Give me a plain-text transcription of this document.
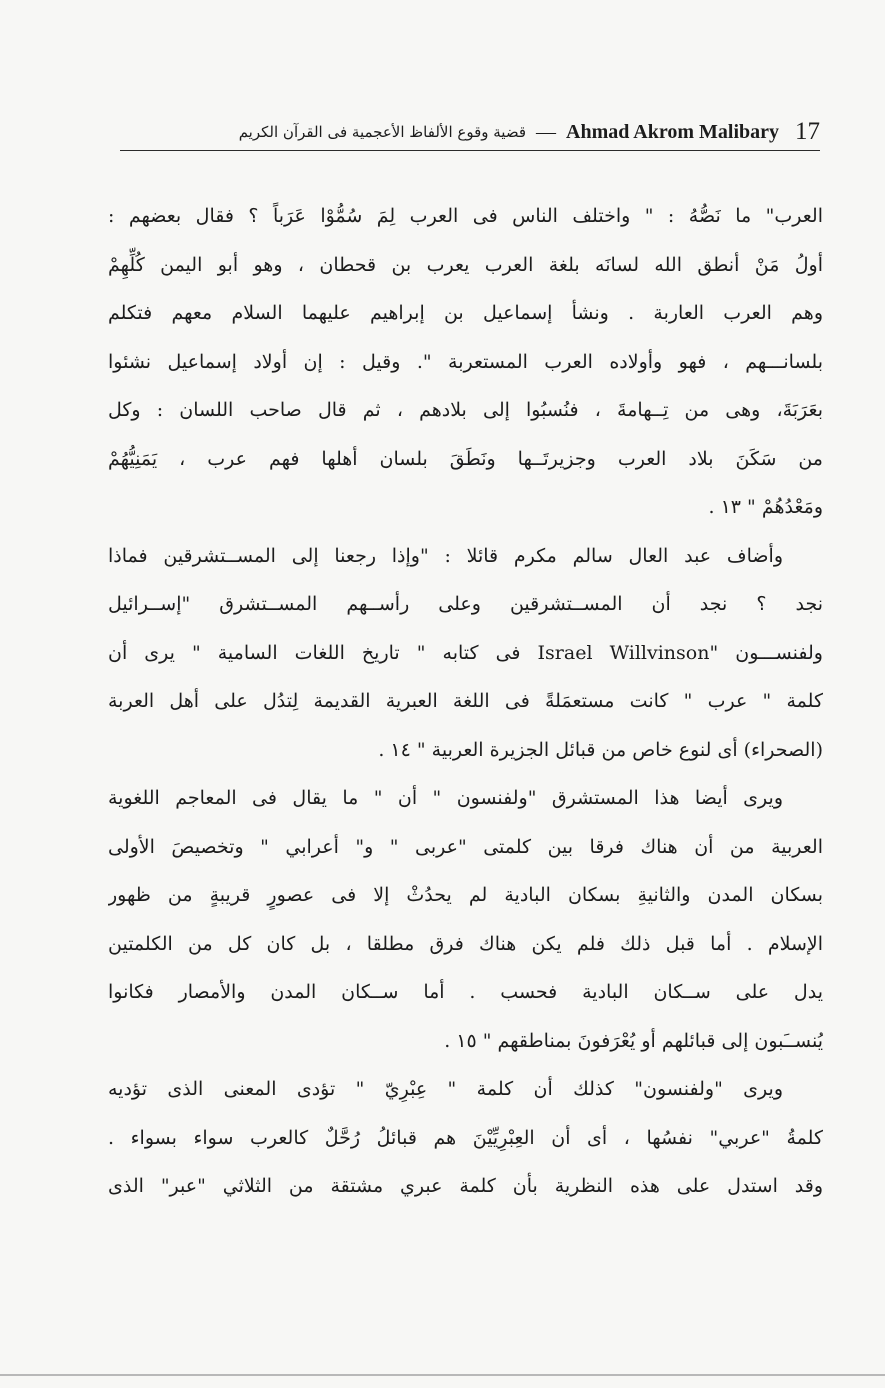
17
Ahmad Akrom Malibary
—
قضية وقوع الألفاظ الأعجمية فى القرآن الكريم
العرب" ما نَصُّهُ : " واختلف الناس فى العرب لِمَ سُمُّوْا عَرَباً ؟ فقال بعضهم :
أولُ مَنْ أنطق الله لسانَه بلغة العرب يعرب بن قحطان ، وهو أبو اليمن كُلِّهِمْ
وهم العرب العاربة . ونشأ إسماعيل بن إبراهيم عليهما السلام معهم فتكلم
بلسانـــهم ، فهو وأولاده العرب المستعربة ". وقيل : إن أولاد إسماعيل نشئوا
بعَرَبَةَ، وهى من تِــهامةَ ، فنُسبُوا إلى بلادهم ، ثم قال صاحب اللسان : وكل
من سَكَنَ بلاد العرب وجزيرتَــها ونَطَقَ بلسان أهلها فهم عرب ، يَمَنِيُّهُمْ
ومَعْدُهُمْ " ١٣ .
وأضاف عبد العال سالم مكرم قائلا : "وإذا رجعنا إلى المســتشرقين فماذا
نجد ؟ نجد أن المســتشرقين وعلى رأســهم المســتشرق "إســرائيل
ولفنســـون "Israel Willvinson فى كتابه " تاريخ اللغات السامية " يرى أن
كلمة " عرب " كانت مستعمَلةً فى اللغة العبرية القديمة لِتدُل على أهل العربة
(الصحراء) أى لنوع خاص من قبائل الجزيرة العربية " ١٤ .
ويرى أيضا هذا المستشرق "ولفنسون " أن " ما يقال فى المعاجم اللغوية
العربية من أن هناك فرقا بين كلمتى "عربى " و" أعرابي " وتخصيصَ الأولى
بسكان المدن والثانيةِ بسكان البادية لم يحدُثْ إلا فى عصورٍ قريبةٍ من ظهور
الإسلام . أما قبل ذلك فلم يكن هناك فرق مطلقا ، بل كان كل من الكلمتين
يدل على ســكان البادية فحسب . أما ســكان المدن والأمصار فكانوا
يُنســَبون إلى قبائلهم أو يُعْرَفونَ بمناطقهم " ١٥ .
ويرى "ولفنسون" كذلك أن كلمة " عِبْرِيّ " تؤدى المعنى الذى تؤديه
كلمةُ "عربي" نفسُها ، أى أن العِبْرِيِّيْنَ هم قبائلُ رُحَّلٌ كالعرب سواء بسواء .
وقد استدل على هذه النظرية بأن كلمة عبري مشتقة من الثلاثي "عبر" الذى
